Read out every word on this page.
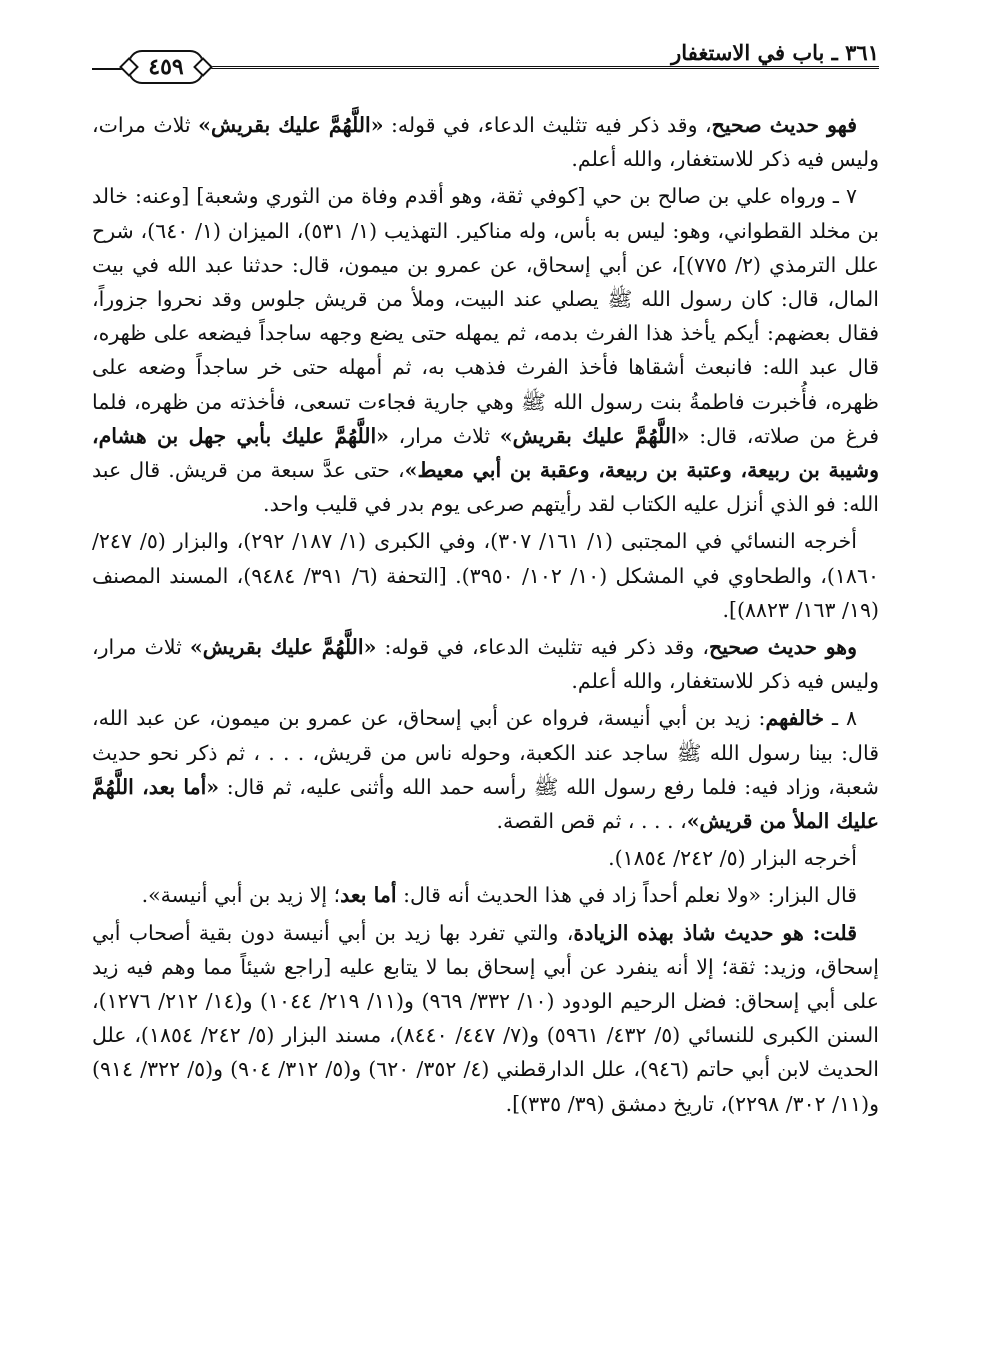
٣٦١ ـ باب في الاستغفار
٤٥٩

فهو حديث صحيح، وقد ذكر فيه تثليث الدعاء، في قوله: «اللَّهُمَّ عليك بقريش» ثلاث مرات، وليس فيه ذكر للاستغفار، والله أعلم.

٧ ـ ورواه علي بن صالح بن حي [كوفي ثقة، وهو أقدم وفاة من الثوري وشعبة] [وعنه: خالد بن مخلد القطواني، وهو: ليس به بأس، وله مناكير. التهذيب (١/ ٥٣١)، الميزان (١/ ٦٤٠)، شرح علل الترمذي (٢/ ٧٧٥)]، عن أبي إسحاق، عن عمرو بن ميمون، قال: حدثنا عبد الله في بيت المال، قال: كان رسول الله ﷺ يصلي عند البيت، وملأ من قريش جلوس وقد نحروا جزوراً، فقال بعضهم: أيكم يأخذ هذا الفرث بدمه، ثم يمهله حتى يضع وجهه ساجداً فيضعه على ظهره، قال عبد الله: فانبعث أشقاها فأخذ الفرث فذهب به، ثم أمهله حتى خر ساجداً وضعه على ظهره، فأُخبرت فاطمةُ بنت رسول الله ﷺ وهي جارية فجاءت تسعى، فأخذته من ظهره، فلما فرغ من صلاته، قال: «اللَّهُمَّ عليك بقريش» ثلاث مرار، «اللَّهُمَّ عليك بأبي جهل بن هشام، وشيبة بن ربيعة، وعتبة بن ربيعة، وعقبة بن أبي معيط»، حتى عدَّ سبعة من قريش. قال عبد الله: فو الذي أنزل عليه الكتاب لقد رأيتهم صرعى يوم بدر في قليب واحد.

أخرجه النسائي في المجتبى (١/ ١٦١/ ٣٠٧)، وفي الكبرى (١/ ١٨٧/ ٢٩٢)، والبزار (٥/ ٢٤٧/ ١٨٦٠)، والطحاوي في المشكل (١٠/ ١٠٢/ ٣٩٥٠). [التحفة (٦/ ٣٩١/ ٩٤٨٤)، المسند المصنف (١٩/ ١٦٣/ ٨٨٢٣)].

وهو حديث صحيح، وقد ذكر فيه تثليث الدعاء، في قوله: «اللَّهُمَّ عليك بقريش» ثلاث مرار، وليس فيه ذكر للاستغفار، والله أعلم.

٨ ـ خالفهم: زيد بن أبي أنيسة، فرواه عن أبي إسحاق، عن عمرو بن ميمون، عن عبد الله، قال: بينا رسول الله ﷺ ساجد عند الكعبة، وحوله ناس من قريش، . . . ، ثم ذكر نحو حديث شعبة، وزاد فيه: فلما رفع رسول الله ﷺ رأسه حمد الله وأثنى عليه، ثم قال: «أما بعد، اللَّهُمَّ عليك الملأ من قريش»، . . . ، ثم قص القصة.

أخرجه البزار (٥/ ٢٤٢/ ١٨٥٤).

قال البزار: «ولا نعلم أحداً زاد في هذا الحديث أنه قال: أما بعد؛ إلا زيد بن أبي أنيسة».

قلت: هو حديث شاذ بهذه الزيادة، والتي تفرد بها زيد بن أبي أنيسة دون بقية أصحاب أبي إسحاق، وزيد: ثقة؛ إلا أنه ينفرد عن أبي إسحاق بما لا يتابع عليه [راجع شيئاً مما وهم فيه زيد على أبي إسحاق: فضل الرحيم الودود (١٠/ ٣٣٢/ ٩٦٩) و(١١/ ٢١٩/ ١٠٤٤) و(١٤/ ٢١٢/ ١٢٧٦)، السنن الكبرى للنسائي (٥/ ٤٣٢/ ٥٩٦١) و(٧/ ٤٤٧/ ٨٤٤٠)، مسند البزار (٥/ ٢٤٢/ ١٨٥٤)، علل الحديث لابن أبي حاتم (٩٤٦)، علل الدارقطني (٤/ ٣٥٢/ ٦٢٠) و(٥/ ٣١٢/ ٩٠٤) و(٥/ ٣٢٢/ ٩١٤) و(١١/ ٣٠٢/ ٢٢٩٨)، تاريخ دمشق (٣٩/ ٣٣٥)].
